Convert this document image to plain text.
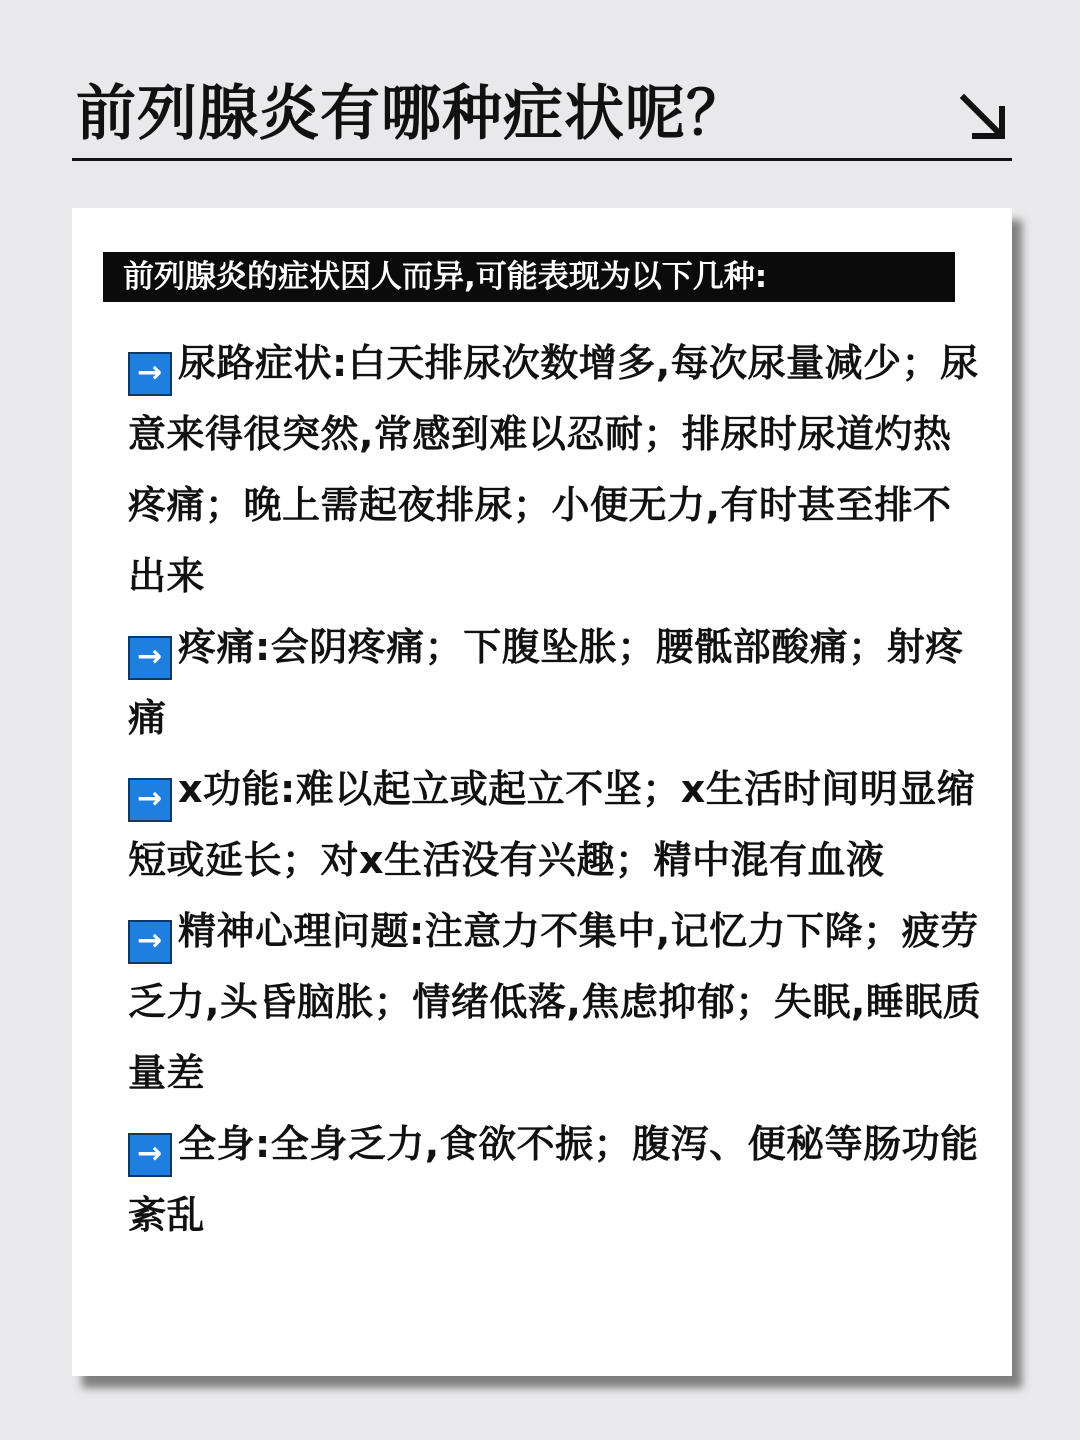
前列腺炎有哪种症状呢？
前列腺炎的症状因人而异,可能表现为以下几种:

→ 尿路症状:白天排尿次数增多,每次尿量减少；尿意来得很突然,常感到难以忍耐；排尿时尿道灼热疼痛；晚上需起夜排尿；小便无力,有时甚至排不出来

→ 疼痛:会阴疼痛；下腹坠胀；腰骶部酸痛；射疼痛

→ x功能:难以起立或起立不坚；x生活时间明显缩短或延长；对x生活没有兴趣；精中混有血液

→ 精神心理问题:注意力不集中,记忆力下降；疲劳乏力,头昏脑胀；情绪低落,焦虑抑郁；失眠,睡眠质量差

→ 全身:全身乏力,食欲不振；腹泻、便秘等肠功能紊乱
